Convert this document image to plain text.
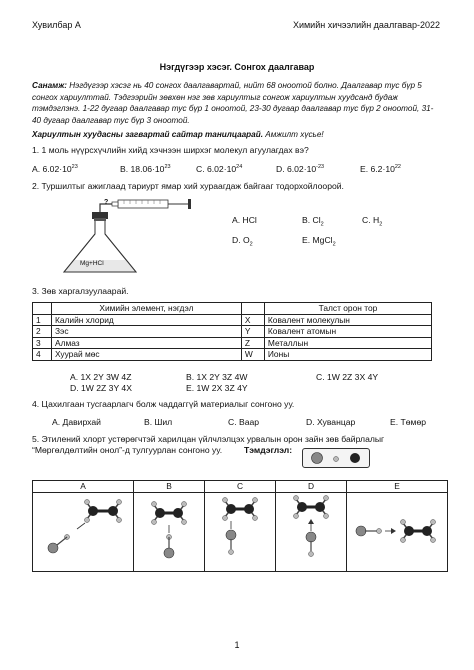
Хувилбар А	Химийн хичээлийн даалгавар-2022
Нэгдүгээр хэсэг. Сонгох даалгавар
Санамж: Нэгдүгээр хэсэг нь 40 сонгох даалгавартай, нийт 68 оноотой болно. Даалгавар тус бүр 5 сонгох хариулттай. Тэдгээрийн зөвхөн нэг зөв хариултыг сонгож хариултын хуудсанд будаж тэмдэглэнэ. 1-22 дугаар даалгавар тус бүр 1 оноотой, 23-30 дугаар даалгавар тус бүр 2 оноотой, 31-40 дугаар даалгавар тус бүр 3 оноотой.
Хариултын хуудасны загвартай сайтар танилцаарай. Амжилт хүсье!
1. 1 моль нүүрсхүчлийн хийд хэчнээн ширхэг молекул агуулагдах вэ?
A. $6.02\cdot 10^{23}$	B. $18.06\cdot 10^{23}$	C. $6.02\cdot 10^{24}$	D. $6.02\cdot 10^{-23}$	E. $6.2\cdot 10^{22}$
2. Туршилтыг ажиглаад тариурт ямар хий хураагдаж байгааг тодорхойлоорой.
?
Mg+HCl
A. HCl	B. $Cl_2$	C. $H_2$
D. $O_2$	E. MgCl$_2$
3. Зөв харгалзуулаарай.
	Химийн элемент, нэгдэл		Талст орон тор
1	Калийн хлорид	X	Ковалент молекулын
2	Зэс	Y	Ковалент атомын
3	Алмаз	Z	Металлын
4	Хуурай мөс	W	Ионы
A. 1X 2Y 3W 4Z	B. 1X 2Y 3Z 4W	C. 1W 2Z 3X 4Y
D. 1W 2Z 3Y 4X	E. 1W 2X 3Z 4Y
4. Цахилгаан тусгаарлагч болж чаддаггүй материалыг сонгоно уу.
A. Давирхай	B. Шил	C. Ваар	D. Хуванцар	E. Төмөр
5. Этилений хлорт устөрөгчтэй харилцан үйлчлэлцэх урвалын орон зайн зөв байрлалыг
“Мөргөлдөлтийн онол”-д тулгуурлан сонгоно уу.	Тэмдэглэл:
A	B	C	D	E

1
